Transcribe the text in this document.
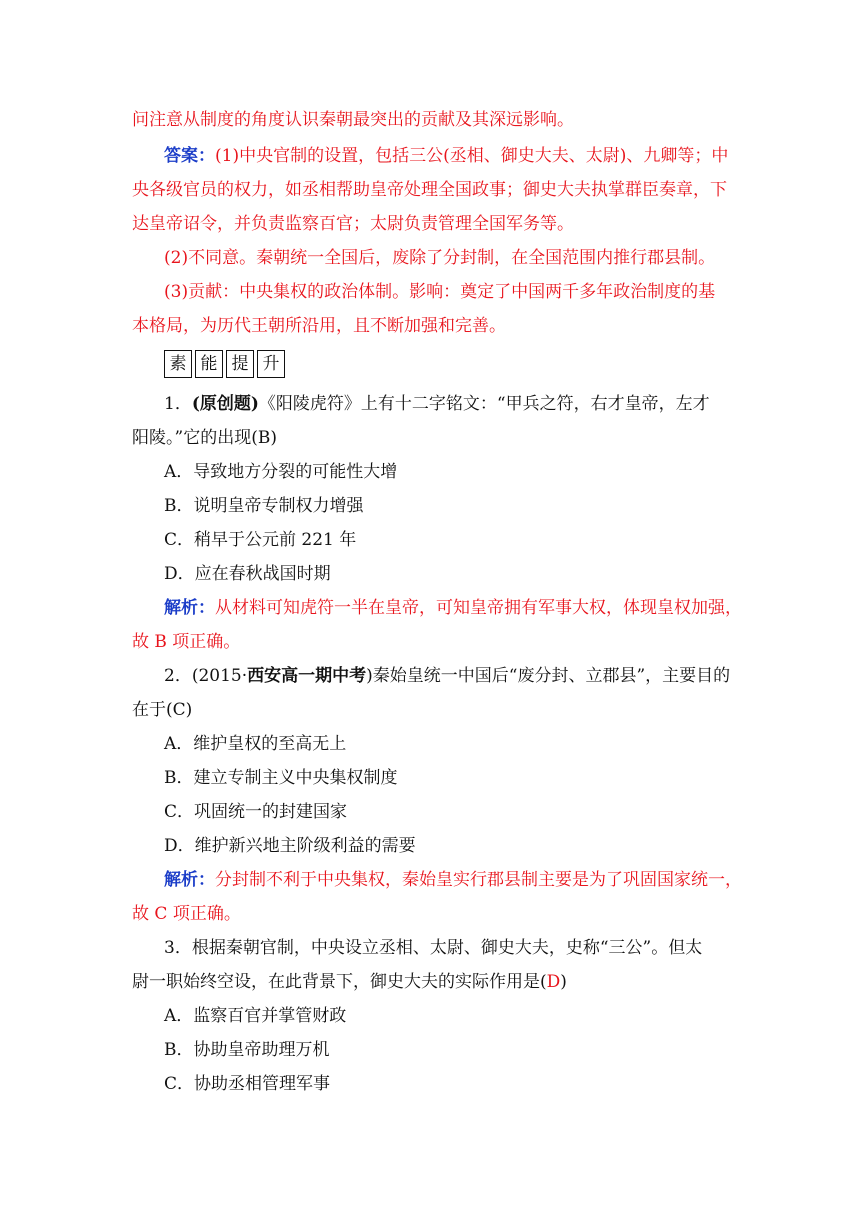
问注意从制度的角度认识秦朝最突出的贡献及其深远影响。
答案：(1)中央官制的设置，包括三公(丞相、御史大夫、太尉)、九卿等；中
央各级官员的权力，如丞相帮助皇帝处理全国政事；御史大夫执掌群臣奏章，下
达皇帝诏令，并负责监察百官；太尉负责管理全国军务等。
(2)不同意。秦朝统一全国后，废除了分封制，在全国范围内推行郡县制。
(3)贡献：中央集权的政治体制。影响：奠定了中国两千多年政治制度的基
本格局，为历代王朝所沿用，且不断加强和完善。
素 能 提 升
1．(原创题)《阳陵虎符》上有十二字铭文：“甲兵之符，右才皇帝，左才
阳陵。”它的出现(B)
A．导致地方分裂的可能性大增
B．说明皇帝专制权力增强
C．稍早于公元前 221 年
D．应在春秋战国时期
解析：从材料可知虎符一半在皇帝，可知皇帝拥有军事大权，体现皇权加强，
故 B 项正确。
2．(2015·西安高一期中考)秦始皇统一中国后“废分封、立郡县”，主要目的
在于(C)
A．维护皇权的至高无上
B．建立专制主义中央集权制度
C．巩固统一的封建国家
D．维护新兴地主阶级利益的需要
解析：分封制不利于中央集权，秦始皇实行郡县制主要是为了巩固国家统一，
故 C 项正确。
3．根据秦朝官制，中央设立丞相、太尉、御史大夫，史称“三公”。但太
尉一职始终空设，在此背景下，御史大夫的实际作用是(D)
A．监察百官并掌管财政
B．协助皇帝助理万机
C．协助丞相管理军事
